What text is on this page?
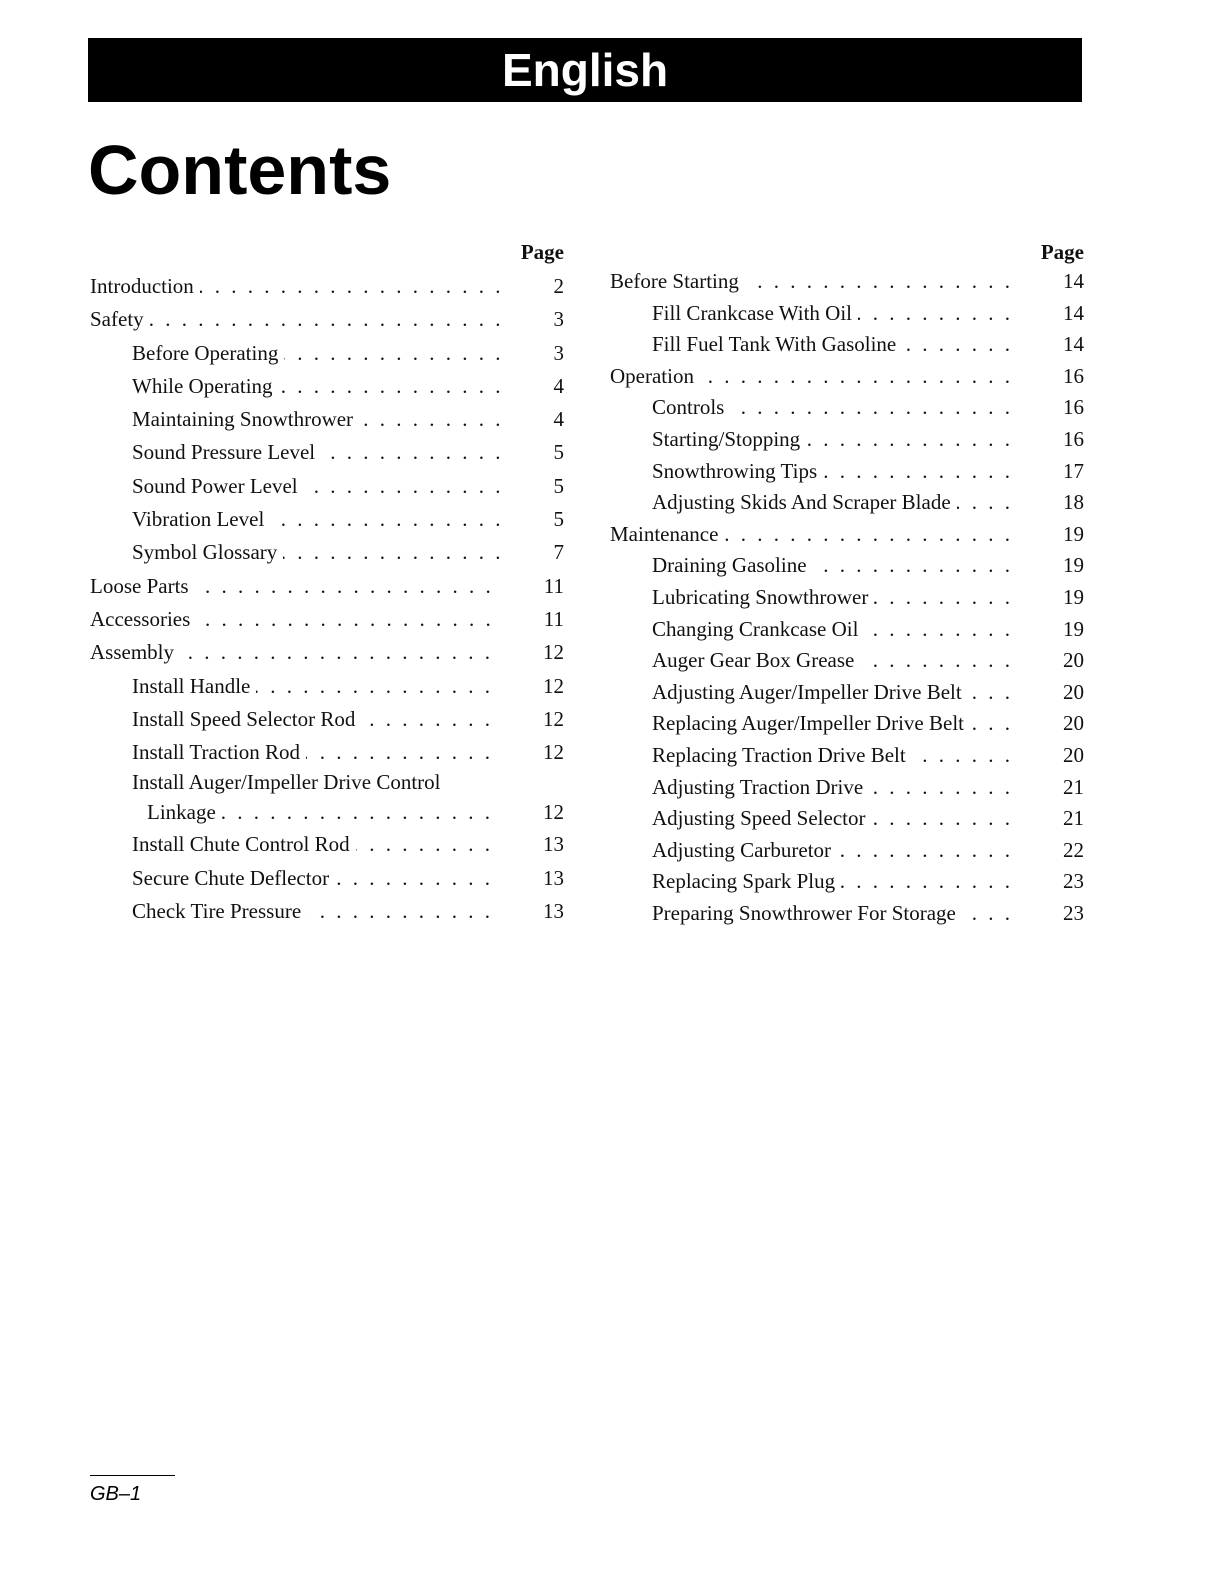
English
Contents
Page
Introduction . . .	2
Safety . . .	3
Before Operating . . .	3
While Operating . . .	4
Maintaining Snowthrower . . .	4
Sound Pressure Level . . .	5
Sound Power Level . . .	5
Vibration Level . . .	5
Symbol Glossary . . .	7
Loose Parts . . .	11
Accessories . . .	11
Assembly . . .	12
Install Handle . . .	12
Install Speed Selector Rod . . .	12
Install Traction Rod . . .	12
Install Auger/Impeller Drive Control
Linkage . . .	12
Install Chute Control Rod . . .	13
Secure Chute Deflector . . .	13
Check Tire Pressure . . .	13
Page
Before Starting . . .	14
Fill Crankcase With Oil . . .	14
Fill Fuel Tank With Gasoline . . .	14
Operation . . .	16
Controls . . .	16
Starting/Stopping . . .	16
Snowthrowing Tips . . .	17
Adjusting Skids And Scraper Blade . . .	18
Maintenance . . .	19
Draining Gasoline . . .	19
Lubricating Snowthrower . . .	19
Changing Crankcase Oil . . .	19
Auger Gear Box Grease . . .	20
Adjusting Auger/Impeller Drive Belt . . .	20
Replacing Auger/Impeller Drive Belt . . .	20
Replacing Traction Drive Belt . . .	20
Adjusting Traction Drive . . .	21
Adjusting Speed Selector . . .	21
Adjusting Carburetor . . .	22
Replacing Spark Plug . . .	23
Preparing Snowthrower For Storage . . .	23
GB–1
